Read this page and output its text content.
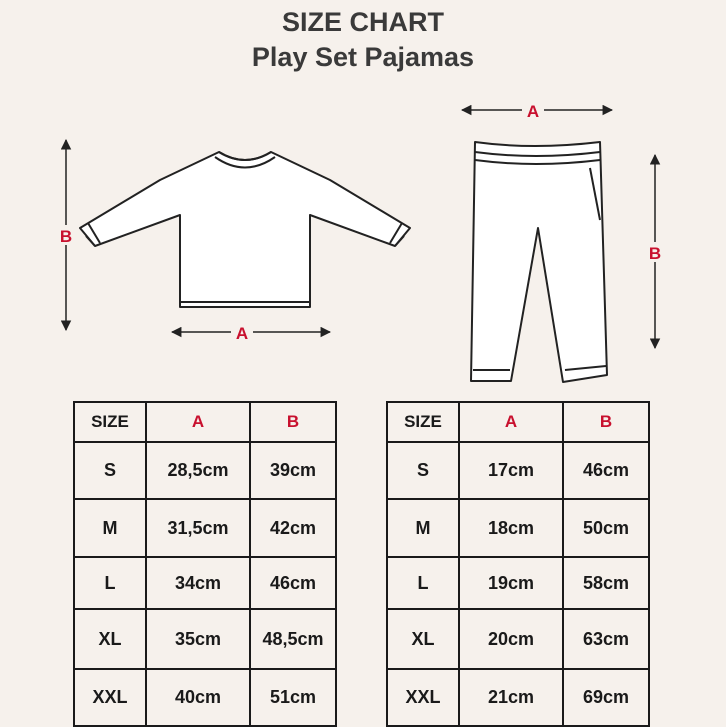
SIZE CHART
Play Set Pajamas
B
A
A
B
SIZE	A	B
S	28,5cm	39cm
M	31,5cm	42cm
L	34cm	46cm
XL	35cm	48,5cm
XXL	40cm	51cm
SIZE	A	B
S	17cm	46cm
M	18cm	50cm
L	19cm	58cm
XL	20cm	63cm
XXL	21cm	69cm
